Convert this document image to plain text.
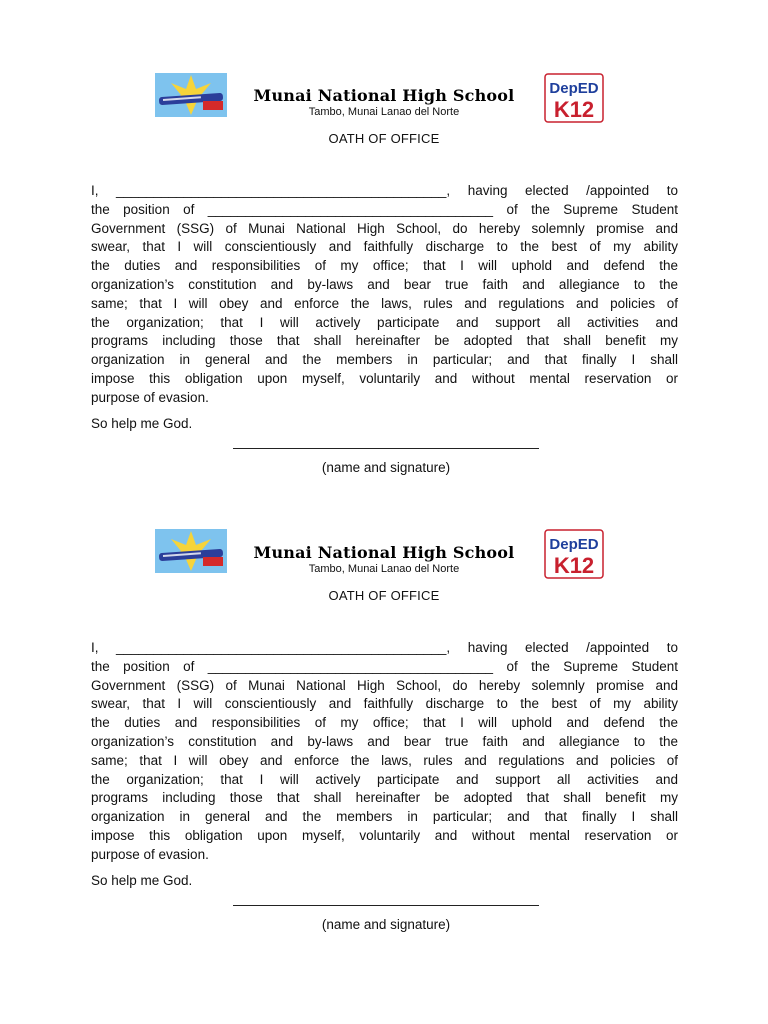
Munai National High School
Tambo, Munai Lanao del Norte
DepED
K12
OATH OF OFFICE

I, ____________________________________________, having elected /appointed to
the position of ______________________________________ of the Supreme Student
Government (SSG) of Munai National High School, do hereby solemnly promise and
swear, that I will conscientiously and faithfully discharge to the best of my ability
the duties and responsibilities of my office; that I will uphold and defend the
organization’s constitution and by-laws and bear true faith and allegiance to the
same; that I will obey and enforce the laws, rules and regulations and policies of
the organization; that I will actively participate and support all activities and
programs including those that shall hereinafter be adopted that shall benefit my
organization in general and the members in particular; and that finally I shall
impose this obligation upon myself, voluntarily and without mental reservation or
purpose of evasion.

So help me God.

(name and signature)
Munai National High School
Tambo, Munai Lanao del Norte
DepED
K12
OATH OF OFFICE

I, ____________________________________________, having elected /appointed to
the position of ______________________________________ of the Supreme Student
Government (SSG) of Munai National High School, do hereby solemnly promise and
swear, that I will conscientiously and faithfully discharge to the best of my ability
the duties and responsibilities of my office; that I will uphold and defend the
organization’s constitution and by-laws and bear true faith and allegiance to the
same; that I will obey and enforce the laws, rules and regulations and policies of
the organization; that I will actively participate and support all activities and
programs including those that shall hereinafter be adopted that shall benefit my
organization in general and the members in particular; and that finally I shall
impose this obligation upon myself, voluntarily and without mental reservation or
purpose of evasion.

So help me God.

(name and signature)
